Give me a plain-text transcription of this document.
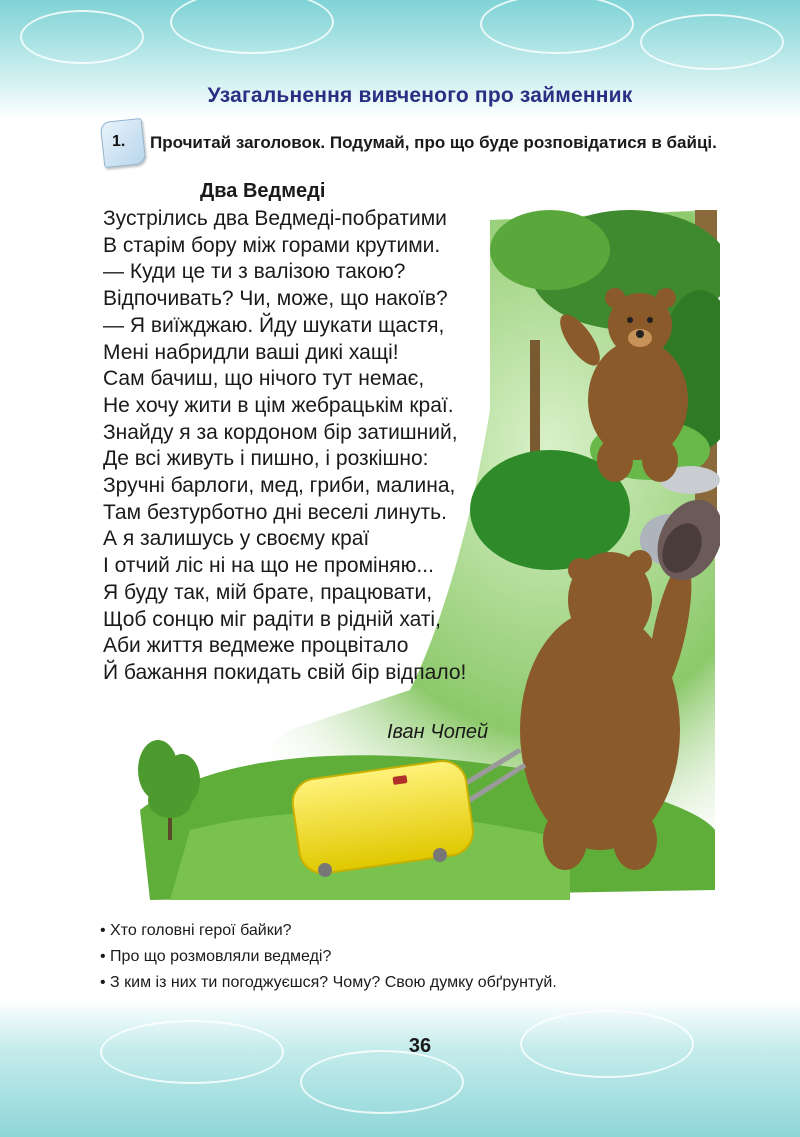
Узагальнення вивченого про займенник
1. Прочитай заголовок. Подумай, про що буде розповідатися в байці.
Два Ведмеді
Зустрілись два Ведмеді-побратими
В старім бору між горами крутими.
— Куди це ти з валізою такою?
Відпочивать? Чи, може, що накоїв?
— Я виїжджаю. Йду шукати щастя,
Мені набридли ваші дикі хащі!
Сам бачиш, що нічого тут немає,
Не хочу жити в цім жебрацькім краї.
Знайду я за кордоном бір затишний,
Де всі живуть і пишно, і розкішно:
Зручні барлоги, мед, гриби, малина,
Там безтурботно дні веселі линуть.
А я залишусь у своєму краї
І отчий ліс ні на що не проміняю...
Я буду так, мій брате, працювати,
Щоб сонцю міг радіти в рідній хаті,
Аби життя ведмеже процвітало
Й бажання покидать свій бір відпало!
Іван Чопей
• Хто головні герої байки?
• Про що розмовляли ведмеді?
• З ким із них ти погоджуєшся? Чому? Свою думку обґрунтуй.
36
